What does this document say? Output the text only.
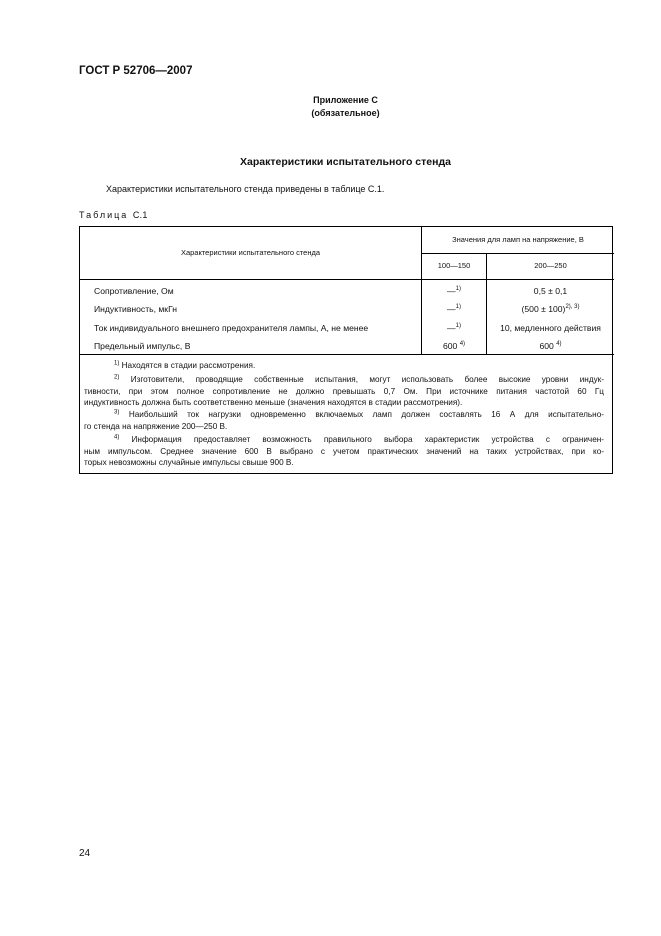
ГОСТ Р 52706—2007
Приложение С
(обязательное)
Характеристики испытательного стенда
Характеристики испытательного стенда приведены в таблице С.1.
Таблица С.1
Характеристики испытательного стенда
Значения для ламп на напряжение, В
100—150	200—250
Сопротивление, Ом	—$^{1)}$	0,5 ± 0,1
Индуктивность, мкГн	—$^{1)}$	$(500 \pm 100)^{2), 3)}$
Ток индивидуального внешнего предохранителя лампы, А, не менее	—$^{1)}$	10, медленного действия
Предельный импульс, В	600 $^{4)}$	600 $^{4)}$
$^{1)}$ Находятся в стадии рассмотрения.
$^{2)}$ Изготовители, проводящие собственные испытания, могут использовать более высокие уровни индук-
тивности, при этом полное сопротивление не должно превышать 0,7 Ом. При источнике питания частотой 60 Гц
индуктивность должна быть соответственно меньше (значения находятся в стадии рассмотрения).
$^{3)}$ Наибольший ток нагрузки одновременно включаемых ламп должен составлять 16 А для испытательно-
го стенда на напряжение 200—250 В.
$^{4)}$ Информация предоставляет возможность правильного выбора характеристик устройства с ограничен-
ным импульсом. Среднее значение 600 В выбрано с учетом практических значений на таких устройствах, при ко-
торых невозможны случайные импульсы свыше 900 В.
24
